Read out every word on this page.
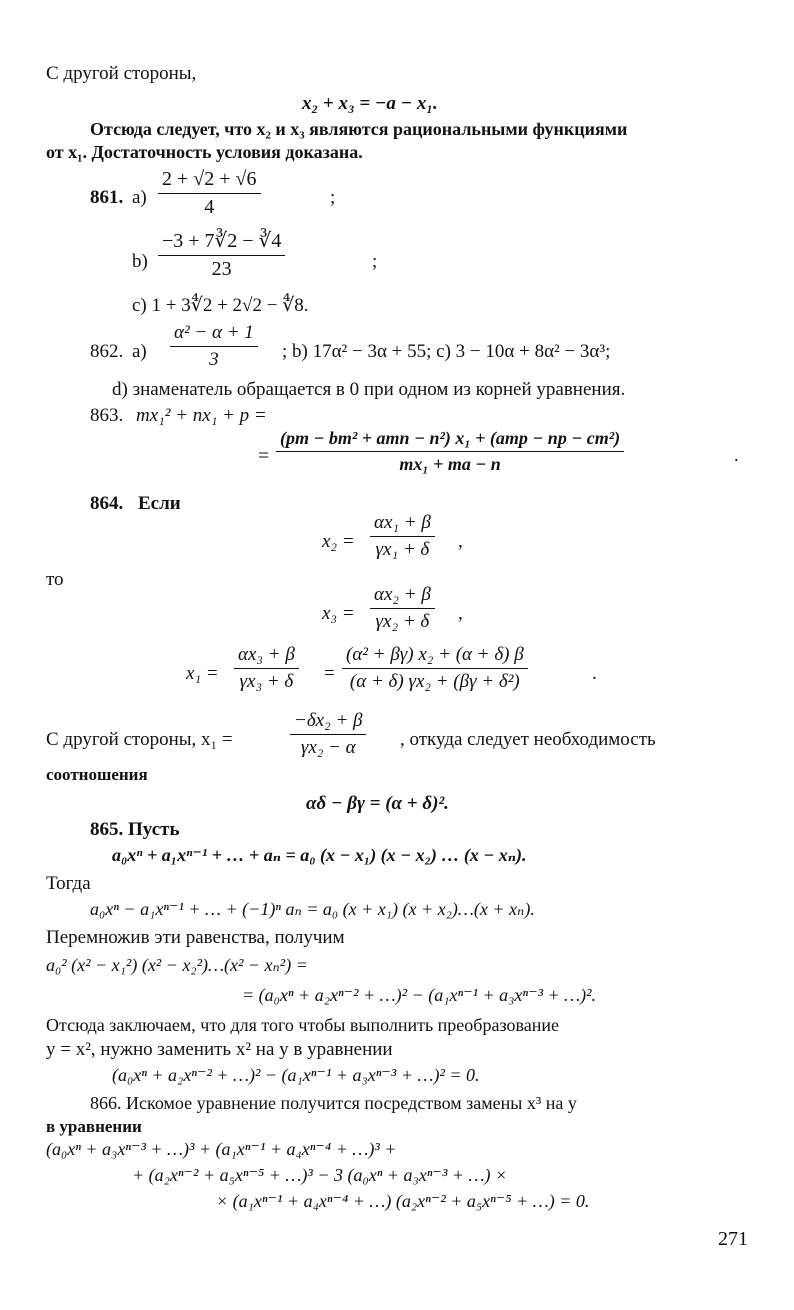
С другой стороны,
x₂ + x₃ = −a − x₁.
Отсюда следует, что x₂ и x₃ являются рациональными функциями
от x₁. Достаточность условия доказана.
861. $a) \frac{2 + √2 + √6}{4}$	;
$b) \frac{-3 + 7∛2 - ∛4}{23}$	;
c) 1 + 3∜2 + 2√2 − ∜8.
862. $a) \frac{\text{α² − α + 1}}{3}$ ; b) 17α² − 3α + 55; c) 3 − 10α + 8α² − 3α³;
d) знаменатель обращается в 0 при одном из корней уравнения.
863. mx₁² + nx₁ + p =
= $\frac{\text{(pm − bm² + amn − n²) x₁ + (amp − np − cm²)}}{\text{mx₁ + ma − n}}$	.
864. Если
$x_2 = \frac{\text{αx₁ + β}}{\text{γx₁ + δ}}$ ,
то
$x_3 = \frac{\text{αx₂ + β}}{\text{γx₂ + δ}}$ ,
$x_1 = \frac{\text{αx₃ + β}}{\text{γx₃ + δ}} = \frac{\text{(α² + βγ) x₂ + (α + δ) β}}{\text{(α + δ) γx₂ + (βγ + δ²)}}$	.
С другой стороны, x₁ =	$\frac{\text{−δx₂ + β}}{\text{γx₂ − α}}$ , откуда следует необходимость
соотношения
αδ − βγ = (α + δ)².
865. Пусть
a₀xⁿ + a₁xⁿ⁻¹ + … + aₙ = a₀ (x − x₁) (x − x₂) … (x − xₙ).
Тогда
a₀xⁿ − a₁xⁿ⁻¹ + … + (−1)ⁿ aₙ = a₀ (x + x₁) (x + x₂)…(x + xₙ).
Перемножив эти равенства, получим
a₀² (x² − x₁²) (x² − x₂²)…(x² − xₙ²) =
= (a₀xⁿ + a₂xⁿ⁻² + …)² − (a₁xⁿ⁻¹ + a₃xⁿ⁻³ + …)².
Отсюда заключаем, что для того чтобы выполнить преобразование
y = x², нужно заменить x² на y в уравнении
(a₀xⁿ + a₂xⁿ⁻² + …)² − (a₁xⁿ⁻¹ + a₃xⁿ⁻³ + …)² = 0.
866. Искомое уравнение получится посредством замены x³ на y
в уравнении
(a₀xⁿ + a₃xⁿ⁻³ + …)³ + (a₁xⁿ⁻¹ + a₄xⁿ⁻⁴ + …)³ +
+ (a₂xⁿ⁻² + a₅xⁿ⁻⁵ + …)³ − 3 (a₀xⁿ + a₃xⁿ⁻³ + …) ×
× (a₁xⁿ⁻¹ + a₄xⁿ⁻⁴ + …) (a₂xⁿ⁻² + a₅xⁿ⁻⁵ + …) = 0.
271
